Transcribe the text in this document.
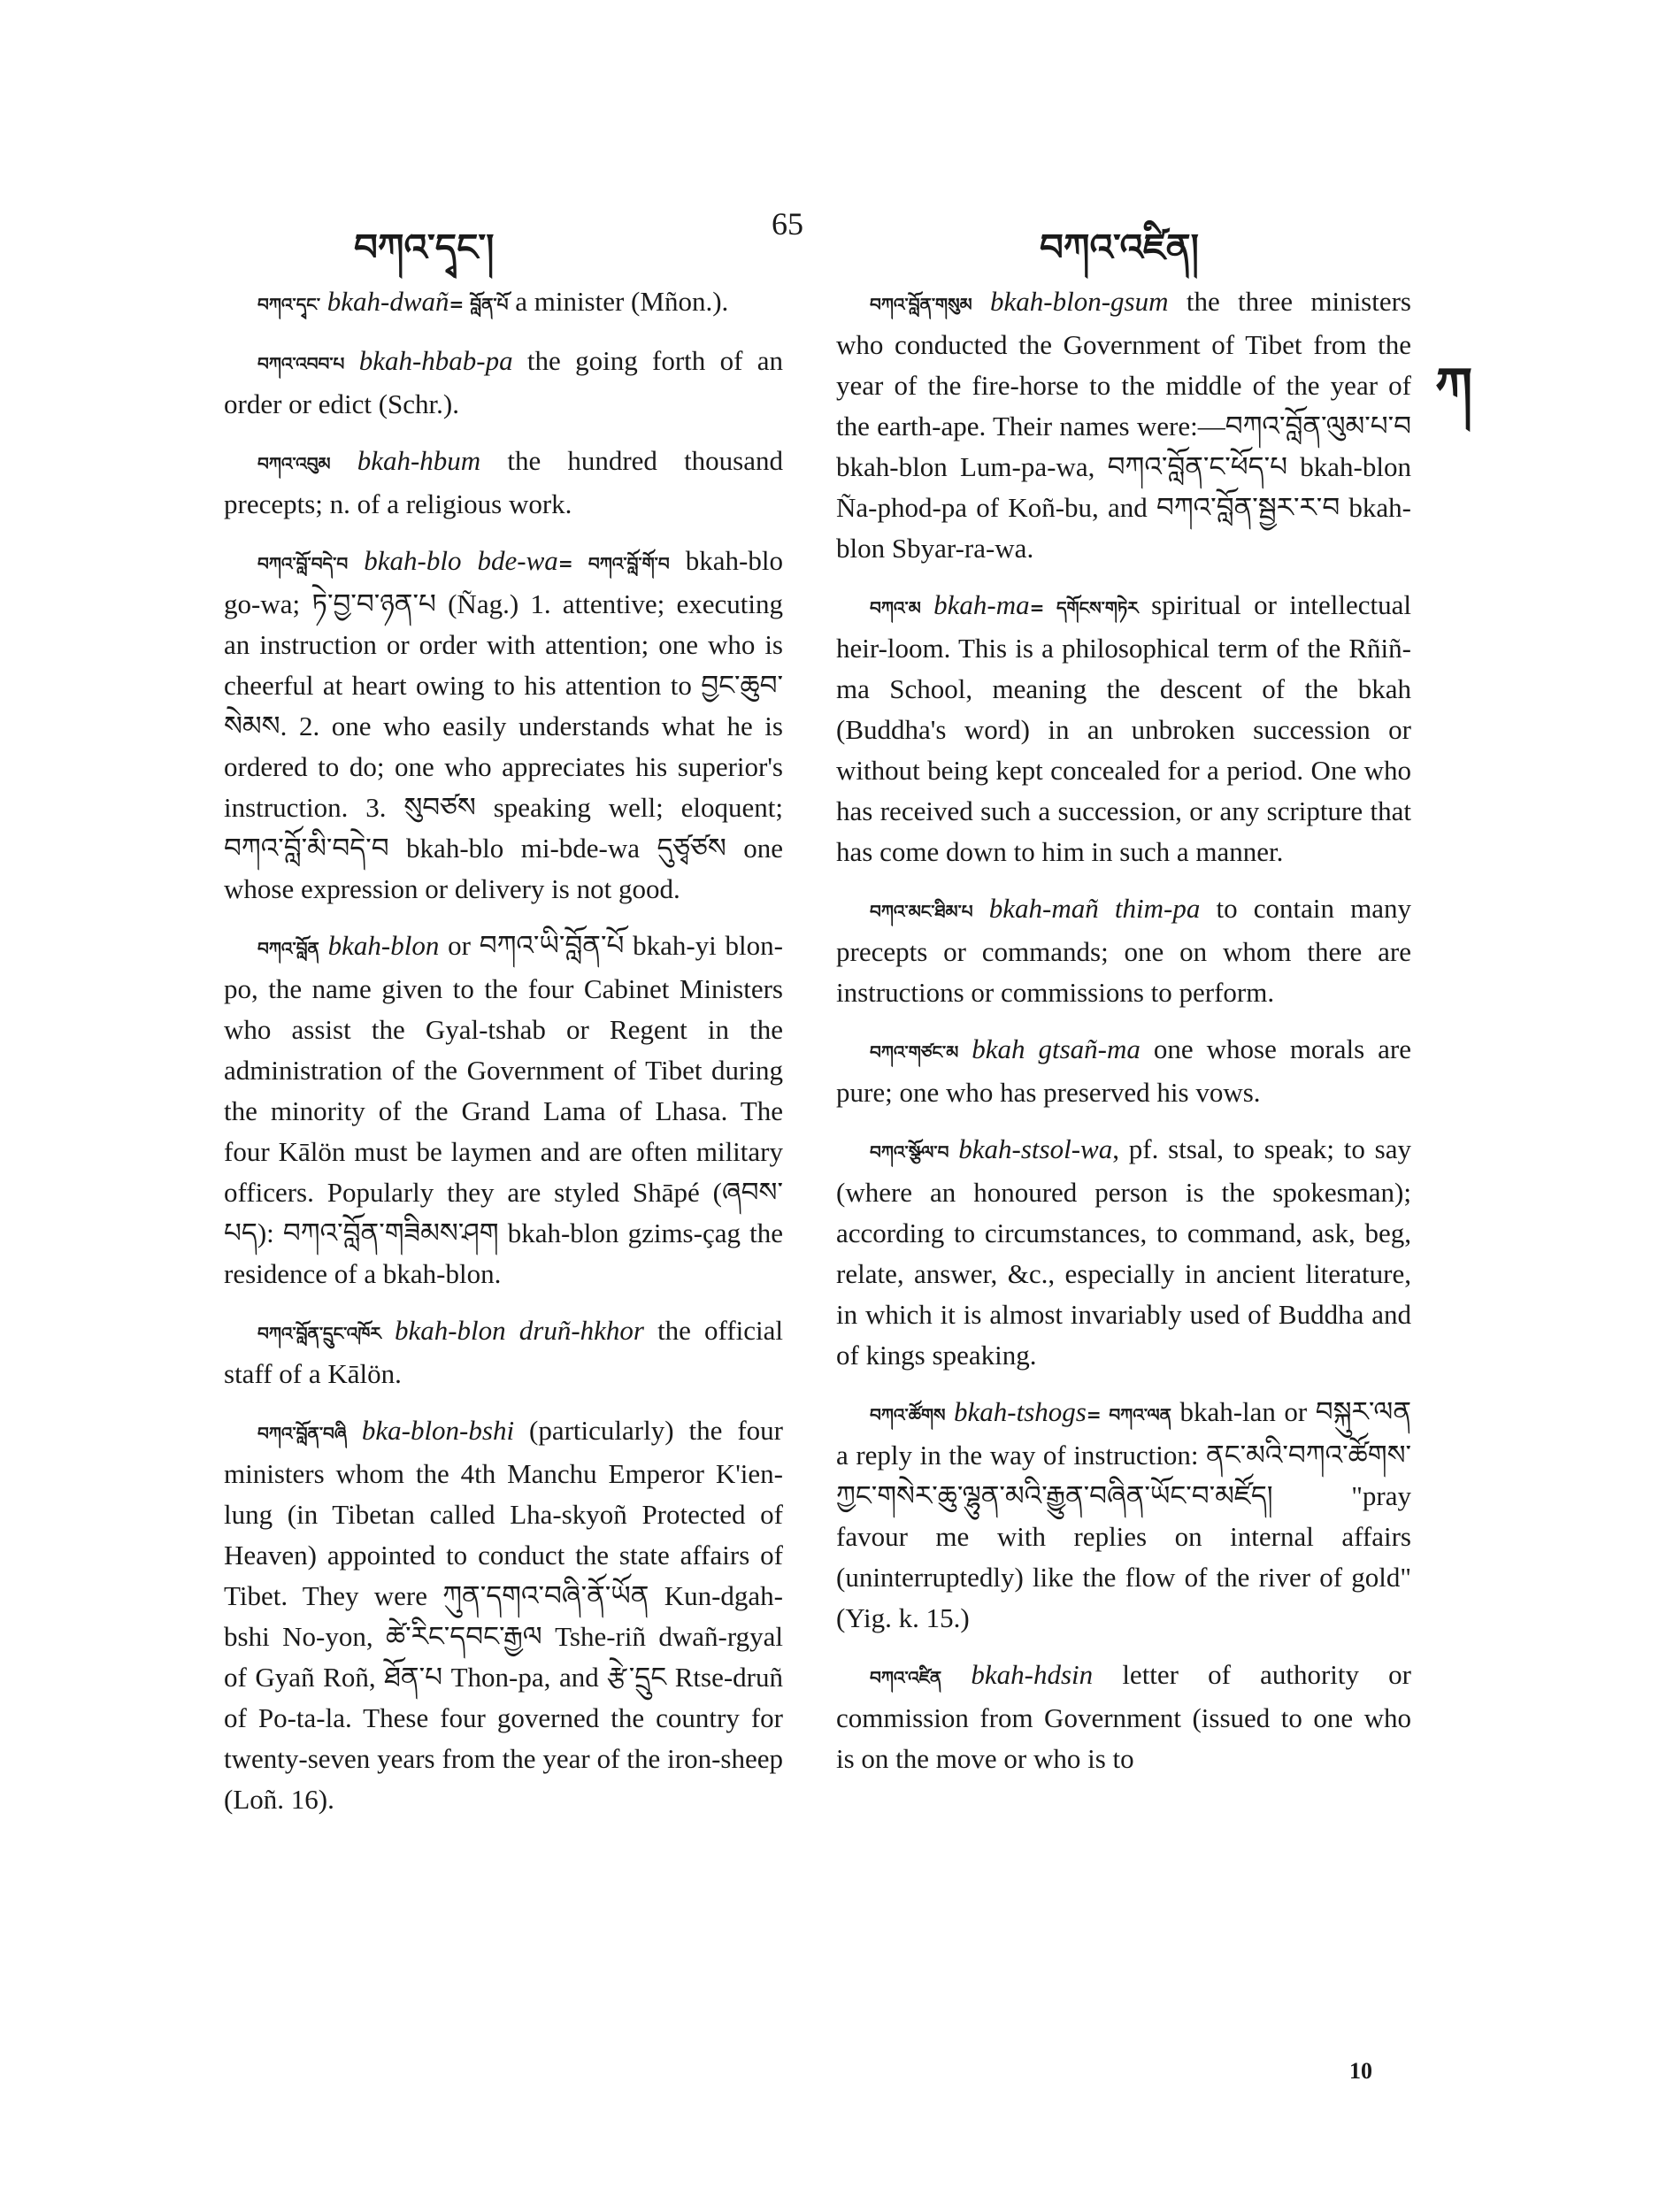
བཀའ་དྭང་།
65
བཀའ་འཛིན།
ཀ

བཀའ་དྭང་ bkah-dwañ= བློན་པོ a minister (Mñon.).

བཀའ་འབབ་པ bkah-hbab-pa the going forth of an order or edict (Schr.).

བཀའ་འབུམ bkah-hbum the hundred thousand precepts; n. of a religious work.

བཀའ་བློ་བདེ་བ bkah-blo bde-wa= བཀའ་བློ་གོ་བ bkah-blo go-wa; ཏེ་བྱ་བ་ཉན་པ (Ñag.) 1. attentive; executing an instruction or order with attention; one who is cheerful at heart owing to his attention to བྱང་ཆུབ་སེམས. 2. one who easily understands what he is ordered to do; one who appreciates his superior's instruction. 3. སུབཙས speaking well; eloquent; བཀའ་བློ་མི་བདེ་བ bkah-blo mi-bde-wa དུཙྭཙས one whose expression or delivery is not good.

བཀའ་བློན bkah-blon or བཀའ་ཡི་བློན་པོ bkah-yi blon-po, the name given to the four Cabinet Ministers who assist the Gyal-tshab or Regent in the administration of the Government of Tibet during the minority of the Grand Lama of Lhasa. The four Kālön must be laymen and are often military officers. Popularly they are styled Shāpé (ཞབས་པད): བཀའ་བློན་གཟིམས་ཤག bkah-blon gzims-çag the residence of a bkah-blon.

བཀའ་བློན་དྲུང་འཁོར bkah-blon druñ-hkhor the official staff of a Kālön.

བཀའ་བློན་བཞི bka-blon-bshi (particularly) the four ministers whom the 4th Manchu Emperor K'ien-lung (in Tibetan called Lha-skyoñ Protected of Heaven) appointed to conduct the state affairs of Tibet. They were ཀུན་དགའ་བཞི་ནོ་ཡོན Kun-dgah-bshi No-yon, ཚེ་རིང་དབང་རྒྱལ Tshe-riñ dwañ-rgyal of Gyañ Roñ, ཐོན་པ Thon-pa, and རྩེ་དྲུང Rtse-druñ of Po-ta-la. These four governed the country for twenty-seven years from the year of the iron-sheep (Loñ. 16).

བཀའ་བློན་གསུམ bkah-blon-gsum the three ministers who conducted the Government of Tibet from the year of the fire-horse to the middle of the year of the earth-ape. Their names were:—བཀའ་བློན་ལུམ་པ་བ bkah-blon Lum-pa-wa, བཀའ་བློན་ང་ཕོད་པ bkah-blon Ña-phod-pa of Koñ-bu, and བཀའ་བློན་སྦྱར་ར་བ bkah-blon Sbyar-ra-wa.

བཀའ་མ bkah-ma= དགོངས་གཏེར spiritual or intellectual heir-loom. This is a philosophical term of the Rñiñ-ma School, meaning the descent of the bkah (Buddha's word) in an unbroken succession or without being kept concealed for a period. One who has received such a succession, or any scripture that has come down to him in such a manner.

བཀའ་མང་ཐིམ་པ bkah-mañ thim-pa to contain many precepts or commands; one on whom there are instructions or commissions to perform.

བཀའ་གཙང་མ bkah gtsañ-ma one whose morals are pure; one who has preserved his vows.

བཀའ་སྩོལ་བ bkah-stsol-wa, pf. stsal, to speak; to say (where an honoured person is the spokesman); according to circumstances, to command, ask, beg, relate, answer, &c., especially in ancient literature, in which it is almost invariably used of Buddha and of kings speaking.

བཀའ་ཚོགས bkah-tshogs= བཀའ་ལན bkah-lan or བསྐུར་ལན a reply in the way of instruction: ནང་མའི་བཀའ་ཚོགས་ཀྱང་གསེར་ཆུ་ལྷུན་མའི་རྒྱུན་བཞིན་ཡོང་བ་མཛོད། "pray favour me with replies on internal affairs (uninterruptedly) like the flow of the river of gold" (Yig. k. 15.)

བཀའ་འཛིན bkah-hdsin letter of authority or commission from Government (issued to one who is on the move or who is to

10
